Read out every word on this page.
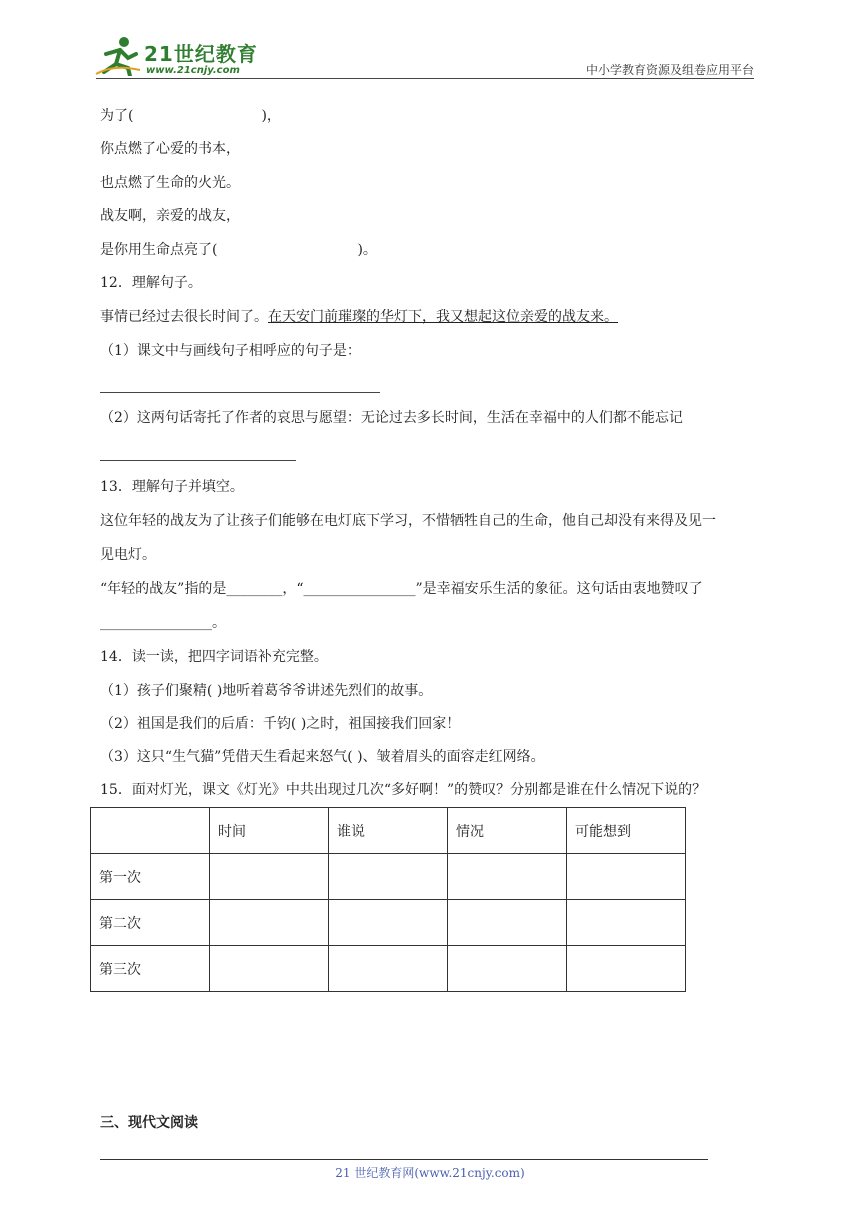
21世纪教育
www.21cnjy.com	中小学教育资源及组卷应用平台
为了(	)，
你点燃了心爱的书本，
也点燃了生命的火光。
战友啊，亲爱的战友，
是你用生命点亮了(	)。
12．理解句子。
事情已经过去很长时间了。在天安门前璀璨的华灯下，我又想起这位亲爱的战友来。
（1）课文中与画线句子相呼应的句子是：
（2）这两句话寄托了作者的哀思与愿望：无论过去多长时间，生活在幸福中的人们都不能忘记
13．理解句子并填空。
这位年轻的战友为了让孩子们能够在电灯底下学习，不惜牺牲自己的生命，他自己却没有来得及见一
见电灯。
“年轻的战友”指的是________，“________________”是幸福安乐生活的象征。这句话由衷地赞叹了
________________。
14．读一读，把四字词语补充完整。
（1）孩子们聚精( )地听着葛爷爷讲述先烈们的故事。
（2）祖国是我们的后盾：千钧( )之时，祖国接我们回家！
（3）这只“生气猫”凭借天生看起来怒气( )、皱着眉头的面容走红网络。
15．面对灯光，课文《灯光》中共出现过几次“多好啊！”的赞叹？分别都是谁在什么情况下说的？
	时间	谁说	情况	可能想到
第一次				
第二次				
第三次				
三、现代文阅读
21 世纪教育网(www.21cnjy.com)
